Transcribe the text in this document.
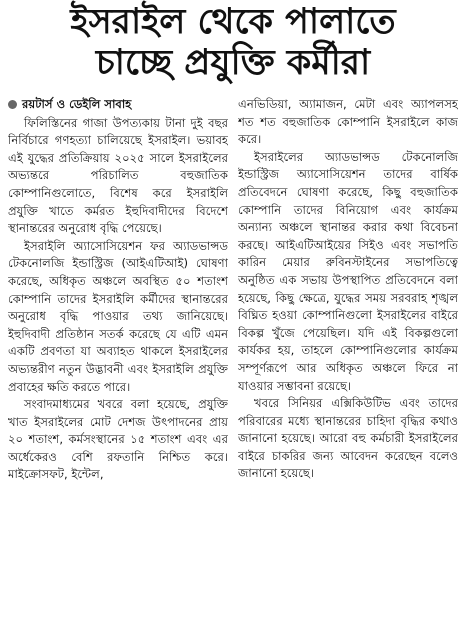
ইসরাইল থেকে পালাতে
চাচ্ছে প্রযুক্তি কর্মীরা
রয়টার্স ও ডেইলি সাবাহ

ফিলিস্তিনের গাজা উপত্যকায় টানা দুই বছর নির্বিচারে গণহত্যা চালিয়েছে ইসরাইল। ভয়াবহ এই যুদ্ধের প্রতিক্রিয়ায় ২০২৫ সালে ইসরাইলের অভ্যন্তরে পরিচালিত বহুজাতিক কোম্পানিগুলোতে, বিশেষ করে ইসরাইলি প্রযুক্তি খাতে কর্মরত ইহুদিবাদীদের বিদেশে স্থানান্তরের অনুরোধ বৃদ্ধি পেয়েছে।

ইসরাইলি অ্যাসোসিয়েশন ফর অ্যাডভান্সড টেকনোলজি ইন্ডাস্ট্রিজ (আইএটিআই) ঘোষণা করেছে, অধিকৃত অঞ্চলে অবস্থিত ৫০ শতাংশ কোম্পানি তাদের ইসরাইলি কর্মীদের স্থানান্তরের অনুরোধ বৃদ্ধি পাওয়ার তথ্য জানিয়েছে। ইহুদিবাদী প্রতিষ্ঠান সতর্ক করেছে যে এটি এমন একটি প্রবণতা যা অব্যাহত থাকলে ইসরাইলের অভ্যন্তরীণ নতুন উদ্ভাবনী এবং ইসরাইলি প্রযুক্তি প্রবাহের ক্ষতি করতে পারে।

সংবাদমাধ্যমের খবরে বলা হয়েছে, প্রযুক্তি খাত ইসরাইলের মোট দেশজ উৎপাদনের প্রায় ২০ শতাংশ, কর্মসংস্থানের ১৫ শতাংশ এবং এর অর্ধেকেরও বেশি রফতানি নিশ্চিত করে। মাইক্রোসফট, ইন্টেল,

এনভিডিয়া, অ্যামাজন, মেটা এবং অ্যাপলসহ শত শত বহুজাতিক কোম্পানি ইসরাইলে কাজ করে।

ইসরাইলের অ্যাডভান্সড টেকনোলজি ইন্ডাস্ট্রিজ অ্যাসোসিয়েশন তাদের বার্ষিক প্রতিবেদনে ঘোষণা করেছে, কিছু বহুজাতিক কোম্পানি তাদের বিনিয়োগ এবং কার্যক্রম অন্যান্য অঞ্চলে স্থানান্তর করার কথা বিবেচনা করছে। আইএটিআইয়ের সিইও এবং সভাপতি কারিন মেয়ার রুবিনস্টাইনের সভাপতিত্বে অনুষ্ঠিত এক সভায় উপস্থাপিত প্রতিবেদনে বলা হয়েছে, কিছু ক্ষেত্রে, যুদ্ধের সময় সরবরাহ শৃঙ্খল বিঘ্নিত হওয়া কোম্পানিগুলো ইসরাইলের বাইরে বিকল্প খুঁজে পেয়েছিল। যদি এই বিকল্পগুলো কার্যকর হয়, তাহলে কোম্পানিগুলোর কার্যক্রম সম্পূর্ণরূপে আর অধিকৃত অঞ্চলে ফিরে না যাওয়ার সম্ভাবনা রয়েছে।

খবরে সিনিয়র এক্সিকিউটিভ এবং তাদের পরিবারের মধ্যে স্থানান্তরের চাহিদা বৃদ্ধির কথাও জানানো হয়েছে। আরো বহু কর্মচারী ইসরাইলের বাইরে চাকরির জন্য আবেদন করেছেন বলেও জানানো হয়েছে।
